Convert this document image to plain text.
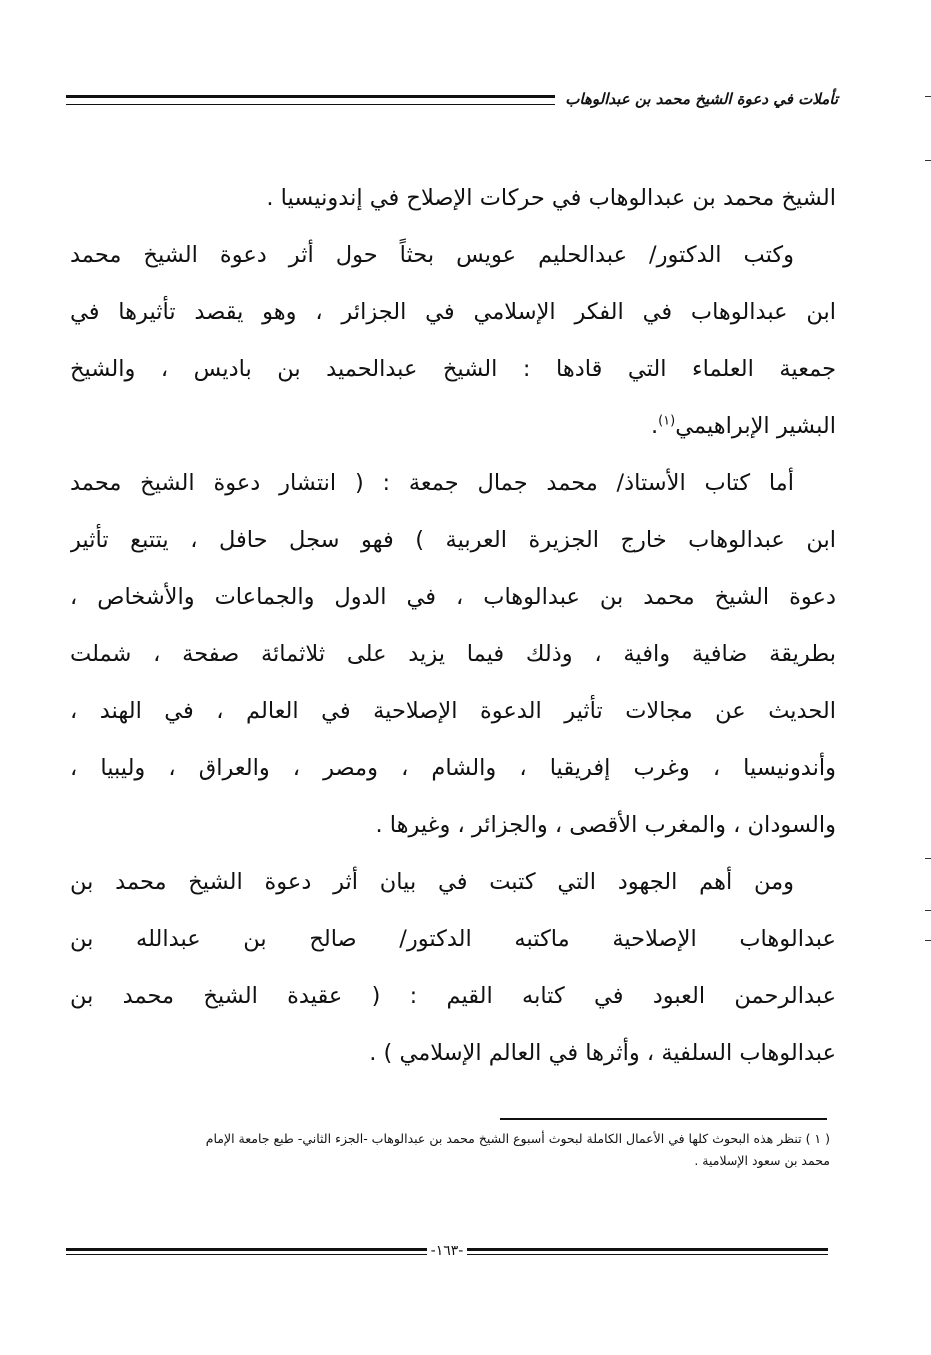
تأملات في دعوة الشيخ محمد بن عبدالوهاب
الشيخ محمد بن عبدالوهاب في حركات الإصلاح في إندونيسيا .
وكتب الدكتور/ عبدالحليم عويس بحثاً حول أثر دعوة الشيخ محمد
ابن عبدالوهاب في الفكر الإسلامي في الجزائر ، وهو يقصد تأثيرها في
جمعية العلماء التي قادها : الشيخ عبدالحميد بن باديس ، والشيخ
البشير الإبراهيمي$^{(١)}$.
أما كتاب الأستاذ/ محمد جمال جمعة : ( انتشار دعوة الشيخ محمد
ابن عبدالوهاب خارج الجزيرة العربية ) فهو سجل حافل ، يتتبع تأثير
دعوة الشيخ محمد بن عبدالوهاب ، في الدول والجماعات والأشخاص ،
بطريقة ضافية وافية ، وذلك فيما يزيد على ثلاثمائة صفحة ، شملت
الحديث عن مجالات تأثير الدعوة الإصلاحية في العالم ، في الهند ،
وأندونيسيا ، وغرب إفريقيا ، والشام ، ومصر ، والعراق ، وليبيا ،
والسودان ، والمغرب الأقصى ، والجزائر ، وغيرها .
ومن أهم الجهود التي كتبت في بيان أثر دعوة الشيخ محمد بن
عبدالوهاب الإصلاحية ماكتبه الدكتور/ صالح بن عبدالله بن
عبدالرحمن العبود في كتابه القيم : ( عقيدة الشيخ محمد بن
عبدالوهاب السلفية ، وأثرها في العالم الإسلامي ) .
( ١ ) تنظر هذه البحوث كلها في الأعمال الكاملة لبحوث أسبوع الشيخ محمد بن عبدالوهاب -الجزء الثاني- طبع جامعة الإمام
محمد بن سعود الإسلامية .
-١٦٣-
